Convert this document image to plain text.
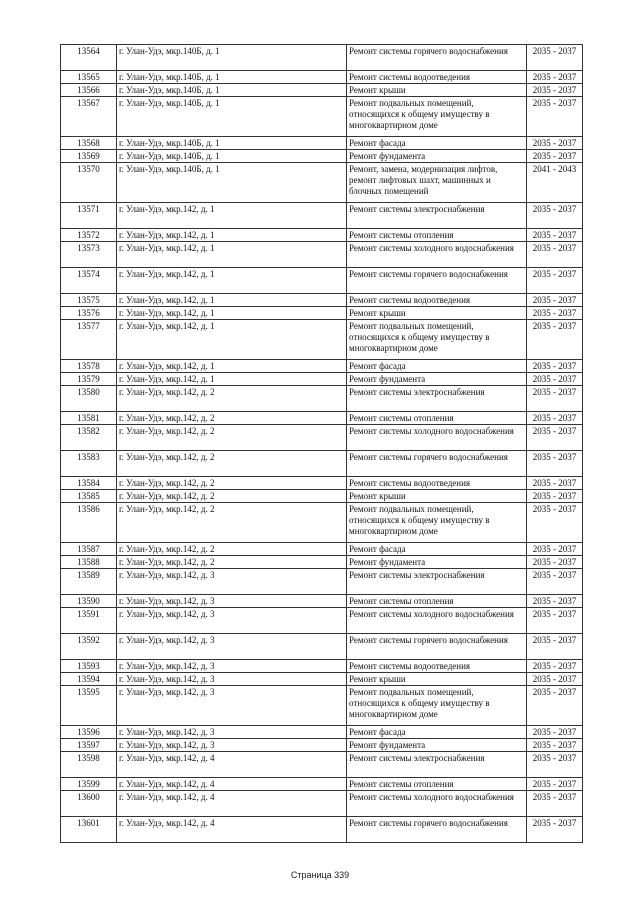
13564	г. Улан-Удэ, мкр.140Б, д. 1	Ремонт системы горячего водоснабжения	2035 - 2037
13565	г. Улан-Удэ, мкр.140Б, д. 1	Ремонт системы водоотведения	2035 - 2037
13566	г. Улан-Удэ, мкр.140Б, д. 1	Ремонт крыши	2035 - 2037
13567	г. Улан-Удэ, мкр.140Б, д. 1	Ремонт подвальных помещений, относящихся к общему имуществу в многоквартирном доме	2035 - 2037
13568	г. Улан-Удэ, мкр.140Б, д. 1	Ремонт фасада	2035 - 2037
13569	г. Улан-Удэ, мкр.140Б, д. 1	Ремонт фундамента	2035 - 2037
13570	г. Улан-Удэ, мкр.140Б, д. 1	Ремонт, замена, модернизация лифтов, ремонт лифтовых шахт, машинных и блочных помещений	2041 - 2043
13571	г. Улан-Удэ, мкр.142, д. 1	Ремонт системы электроснабжения	2035 - 2037
13572	г. Улан-Удэ, мкр.142, д. 1	Ремонт системы отопления	2035 - 2037
13573	г. Улан-Удэ, мкр.142, д. 1	Ремонт системы холодного водоснабжения	2035 - 2037
13574	г. Улан-Удэ, мкр.142, д. 1	Ремонт системы горячего водоснабжения	2035 - 2037
13575	г. Улан-Удэ, мкр.142, д. 1	Ремонт системы водоотведения	2035 - 2037
13576	г. Улан-Удэ, мкр.142, д. 1	Ремонт крыши	2035 - 2037
13577	г. Улан-Удэ, мкр.142, д. 1	Ремонт подвальных помещений, относящихся к общему имуществу в многоквартирном доме	2035 - 2037
13578	г. Улан-Удэ, мкр.142, д. 1	Ремонт фасада	2035 - 2037
13579	г. Улан-Удэ, мкр.142, д. 1	Ремонт фундамента	2035 - 2037
13580	г. Улан-Удэ, мкр.142, д. 2	Ремонт системы электроснабжения	2035 - 2037
13581	г. Улан-Удэ, мкр.142, д. 2	Ремонт системы отопления	2035 - 2037
13582	г. Улан-Удэ, мкр.142, д. 2	Ремонт системы холодного водоснабжения	2035 - 2037
13583	г. Улан-Удэ, мкр.142, д. 2	Ремонт системы горячего водоснабжения	2035 - 2037
13584	г. Улан-Удэ, мкр.142, д. 2	Ремонт системы водоотведения	2035 - 2037
13585	г. Улан-Удэ, мкр.142, д. 2	Ремонт крыши	2035 - 2037
13586	г. Улан-Удэ, мкр.142, д. 2	Ремонт подвальных помещений, относящихся к общему имуществу в многоквартирном доме	2035 - 2037
13587	г. Улан-Удэ, мкр.142, д. 2	Ремонт фасада	2035 - 2037
13588	г. Улан-Удэ, мкр.142, д. 2	Ремонт фундамента	2035 - 2037
13589	г. Улан-Удэ, мкр.142, д. 3	Ремонт системы электроснабжения	2035 - 2037
13590	г. Улан-Удэ, мкр.142, д. 3	Ремонт системы отопления	2035 - 2037
13591	г. Улан-Удэ, мкр.142, д. 3	Ремонт системы холодного водоснабжения	2035 - 2037
13592	г. Улан-Удэ, мкр.142, д. 3	Ремонт системы горячего водоснабжения	2035 - 2037
13593	г. Улан-Удэ, мкр.142, д. 3	Ремонт системы водоотведения	2035 - 2037
13594	г. Улан-Удэ, мкр.142, д. 3	Ремонт крыши	2035 - 2037
13595	г. Улан-Удэ, мкр.142, д. 3	Ремонт подвальных помещений, относящихся к общему имуществу в многоквартирном доме	2035 - 2037
13596	г. Улан-Удэ, мкр.142, д. 3	Ремонт фасада	2035 - 2037
13597	г. Улан-Удэ, мкр.142, д. 3	Ремонт фундамента	2035 - 2037
13598	г. Улан-Удэ, мкр.142, д. 4	Ремонт системы электроснабжения	2035 - 2037
13599	г. Улан-Удэ, мкр.142, д. 4	Ремонт системы отопления	2035 - 2037
13600	г. Улан-Удэ, мкр.142, д. 4	Ремонт системы холодного водоснабжения	2035 - 2037
13601	г. Улан-Удэ, мкр.142, д. 4	Ремонт системы горячего водоснабжения	2035 - 2037
Страница 339
